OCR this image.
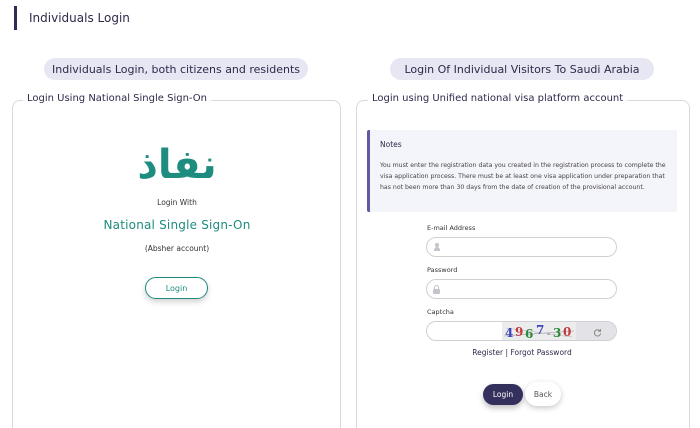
Individuals Login
Individuals Login, both citizens and residents	Login Of Individual Visitors To Saudi Arabia
Login Using National Single Sign-On
نفاذ
Login With
National Single Sign-On
(Absher account)
Login
Login using Unified national visa platform account
Notes
You must enter the registration data you created in the registration process to complete the visa application process. There must be at least one visa application under preparation that has not been more than 30 days from the date of creation of the provisional account.
E-mail Address
Password
Captcha
4 9 6 7 - 3 0
Register | Forgot Password
Login	Back
